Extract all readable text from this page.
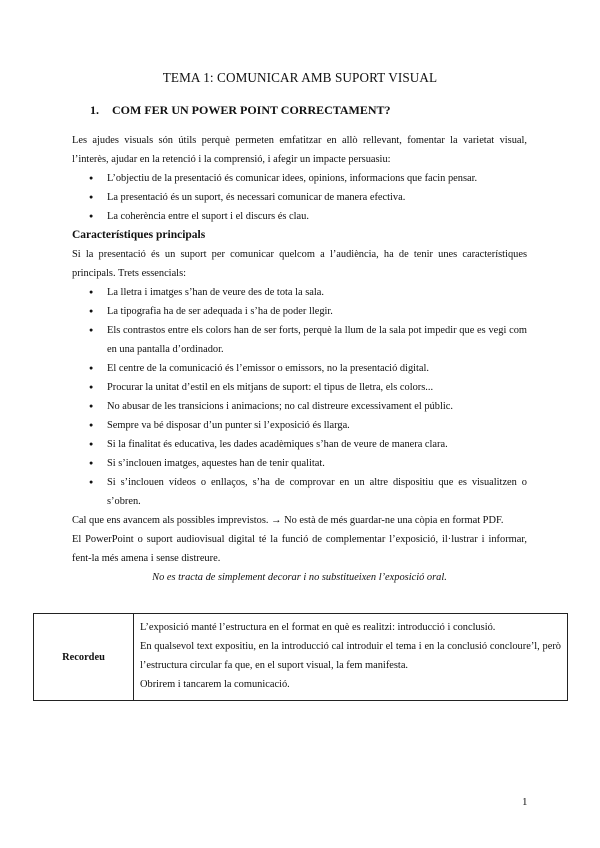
TEMA 1: COMUNICAR AMB SUPORT VISUAL
1. COM FER UN POWER POINT CORRECTAMENT?

Les ajudes visuals són útils perquè permeten emfatitzar en allò rellevant, fomentar la varietat visual, l’interès, ajudar en la retenció i la comprensió, i afegir un impacte persuasiu:

● L’objectiu de la presentació és comunicar idees, opinions, informacions que facin pensar.
● La presentació és un suport, és necessari comunicar de manera efectiva.
● La coherència entre el suport i el discurs és clau.

Característiques principals

Si la presentació és un suport per comunicar quelcom a l’audiència, ha de tenir unes característiques principals. Trets essencials:

● La lletra i imatges s’han de veure des de tota la sala.
● La tipografia ha de ser adequada i s’ha de poder llegir.
● Els contrastos entre els colors han de ser forts, perquè la llum de la sala pot impedir que es vegi com en una pantalla d’ordinador.
● El centre de la comunicació és l’emissor o emissors, no la presentació digital.
● Procurar la unitat d’estil en els mitjans de suport: el tipus de lletra, els colors...
● No abusar de les transicions i animacions; no cal distreure excessivament el públic.
● Sempre va bé disposar d’un punter si l’exposició és llarga.
● Si la finalitat és educativa, les dades acadèmiques s’han de veure de manera clara.
● Si s’inclouen imatges, aquestes han de tenir qualitat.
● Si s’inclouen vídeos o enllaços, s’ha de comprovar en un altre dispositiu que es visualitzen o s’obren.

Cal que ens avancem als possibles imprevistos. → No està de més guardar-ne una còpia en format PDF.

El PowerPoint o suport audiovisual digital té la funció de complementar l’exposició, il·lustrar i informar, fent-la més amena i sense distreure.

No es tracta de simplement decorar i no substitueixen l’exposició oral.

Recordeu	

L’exposició manté l’estructura en el format en què es realitzi: introducció i conclusió.

En qualsevol text expositiu, en la introducció cal introduir el tema i en la conclusió concloure’l, però l’estructura circular fa que, en el suport visual, la fem manifesta.

Obrirem i tancarem la comunicació.

1
